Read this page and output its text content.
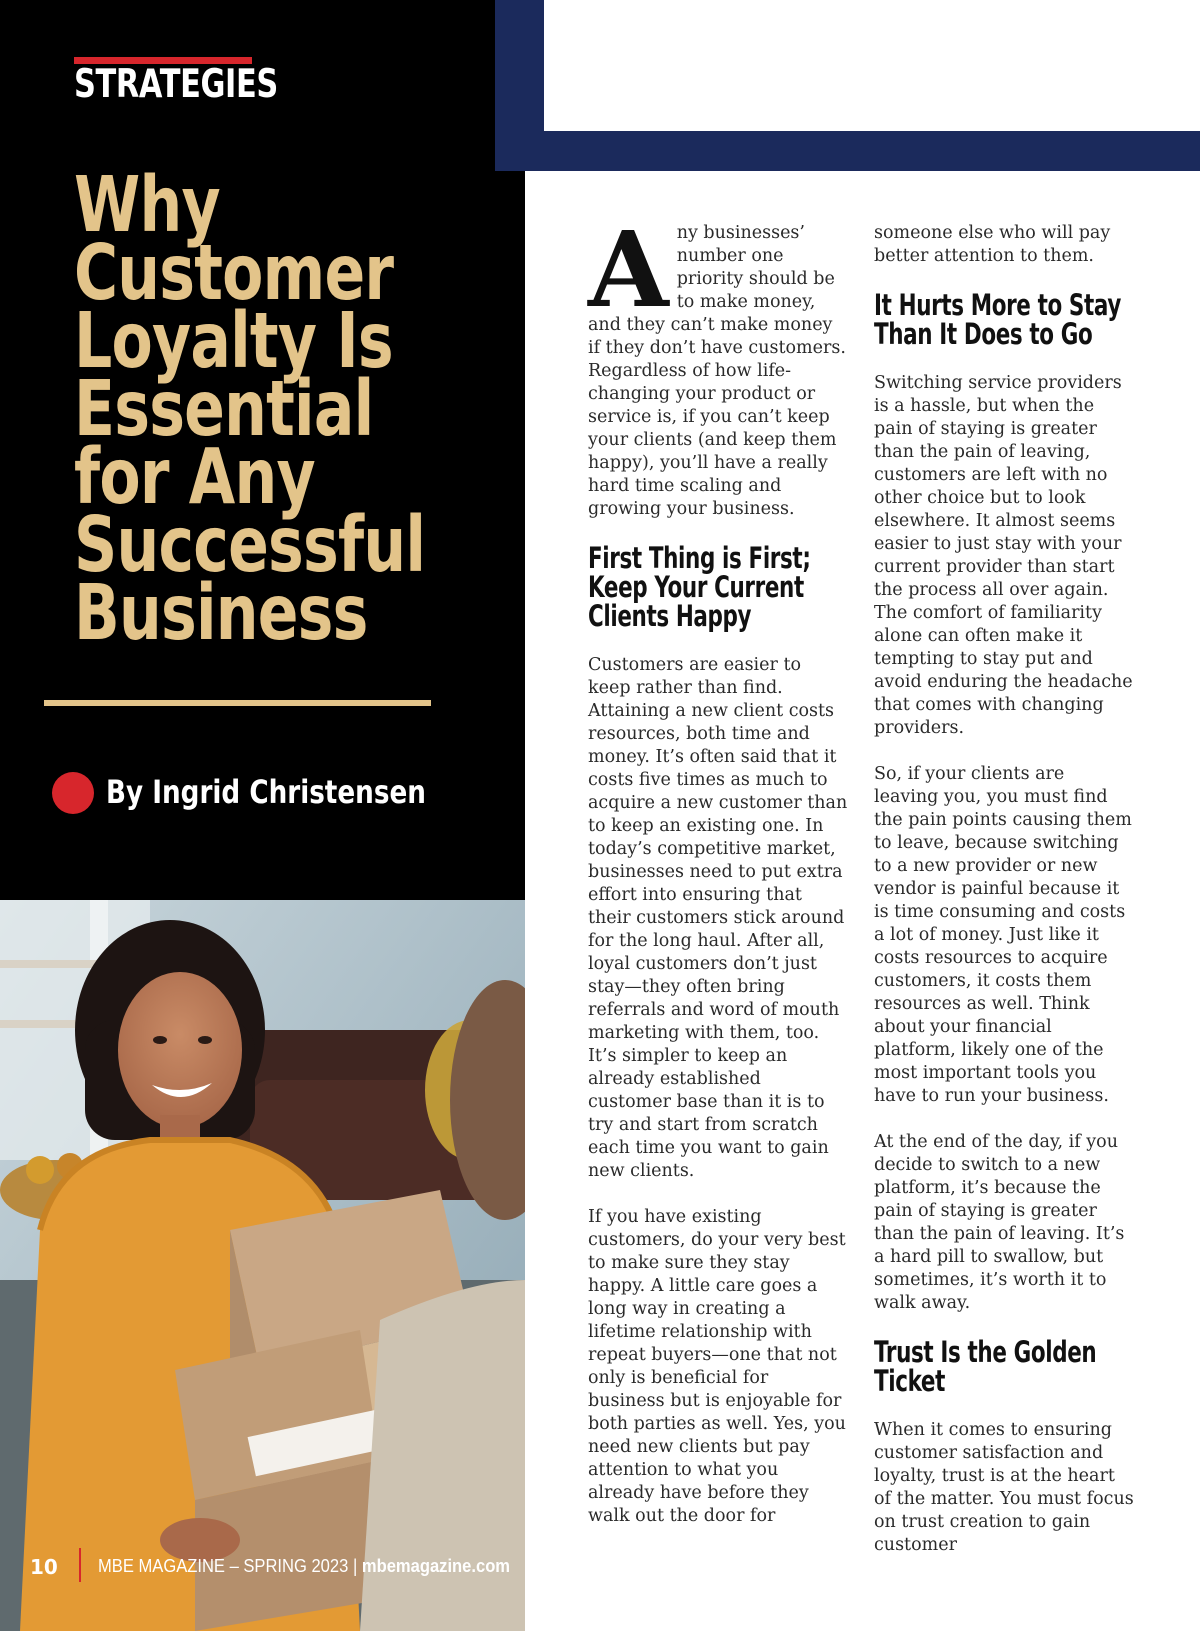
STRATEGIES
Why
Customer
Loyalty Is
Essential
for Any
Successful
Business
By Ingrid Christensen

Any businesses’ number one priority should be to make money, and they can’t make money if they don’t have customers. Regardless of how life-changing your product or service is, if you can’t keep your clients (and keep them happy), you’ll have a really hard time scaling and growing your business.

First Thing is First; Keep Your Current Clients Happy

Customers are easier to keep rather than find. Attaining a new client costs resources, both time and money. It’s often said that it costs five times as much to acquire a new customer than to keep an existing one. In today’s competitive market, businesses need to put extra effort into ensuring that their customers stick around for the long haul. After all, loyal customers don’t just stay—they often bring referrals and word of mouth marketing with them, too. It’s simpler to keep an already established customer base than it is to try and start from scratch each time you want to gain new clients.

If you have existing customers, do your very best to make sure they stay happy. A little care goes a long way in creating a lifetime relationship with repeat buyers—one that not only is beneficial for business but is enjoyable for both parties as well. Yes, you need new clients but pay attention to what you already have before they walk out the door for

someone else who will pay better attention to them.

It Hurts More to Stay Than It Does to Go

Switching service providers is a hassle, but when the pain of staying is greater than the pain of leaving, customers are left with no other choice but to look elsewhere. It almost seems easier to just stay with your current provider than start the process all over again. The comfort of familiarity alone can often make it tempting to stay put and avoid enduring the headache that comes with changing providers.

So, if your clients are leaving you, you must find the pain points causing them to leave, because switching to a new provider or new vendor is painful because it is time consuming and costs a lot of money. Just like it costs resources to acquire customers, it costs them resources as well. Think about your financial platform, likely one of the most important tools you have to run your business.

At the end of the day, if you decide to switch to a new platform, it’s because the pain of staying is greater than the pain of leaving. It’s a hard pill to swallow, but sometimes, it’s worth it to walk away.

Trust Is the Golden Ticket

When it comes to ensuring customer satisfaction and loyalty, trust is at the heart of the matter. You must focus on trust creation to gain customer

10 MBE MAGAZINE – SPRING 2023 | mbemagazine.com
